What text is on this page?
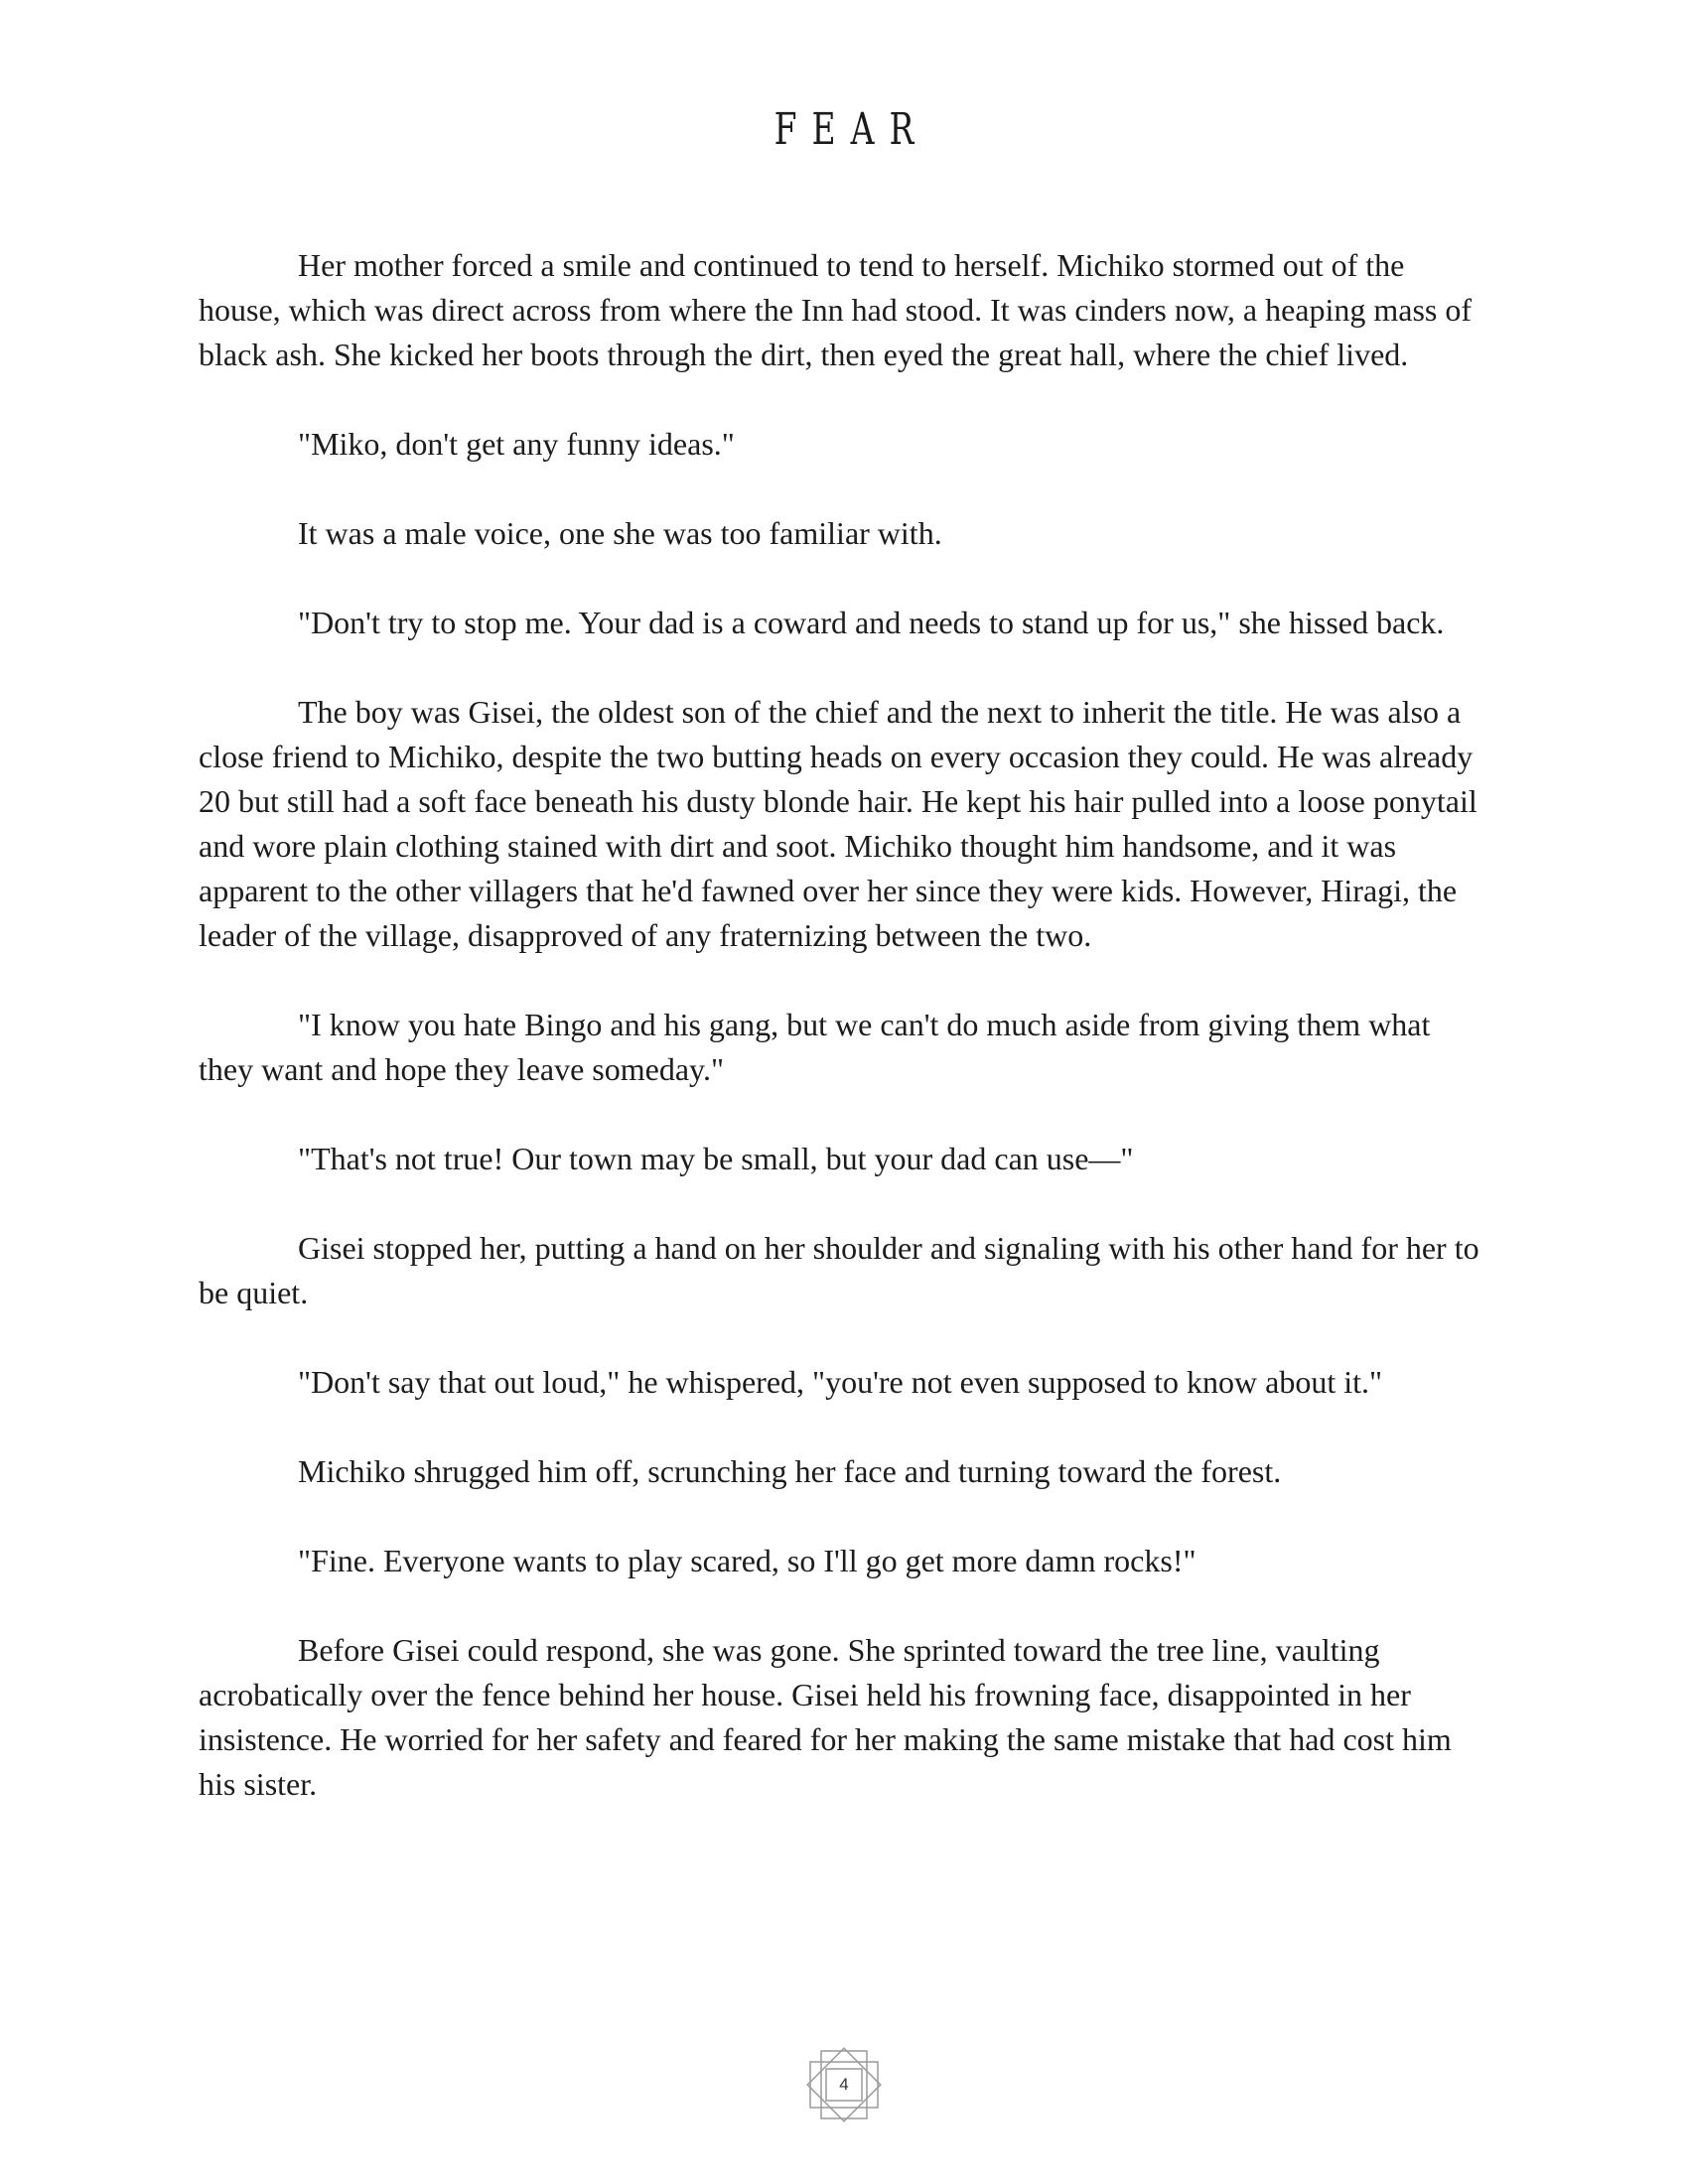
FEAR

Her mother forced a smile and continued to tend to herself. Michiko stormed out of the house, which was direct across from where the Inn had stood. It was cinders now, a heaping mass of black ash. She kicked her boots through the dirt, then eyed the great hall, where the chief lived.

"Miko, don't get any funny ideas."

It was a male voice, one she was too familiar with.

"Don't try to stop me. Your dad is a coward and needs to stand up for us," she hissed back.

The boy was Gisei, the oldest son of the chief and the next to inherit the title. He was also a close friend to Michiko, despite the two butting heads on every occasion they could. He was already 20 but still had a soft face beneath his dusty blonde hair. He kept his hair pulled into a loose ponytail and wore plain clothing stained with dirt and soot. Michiko thought him handsome, and it was apparent to the other villagers that he'd fawned over her since they were kids. However, Hiragi, the leader of the village, disapproved of any fraternizing between the two.

"I know you hate Bingo and his gang, but we can't do much aside from giving them what they want and hope they leave someday."

"That's not true! Our town may be small, but your dad can use—"

Gisei stopped her, putting a hand on her shoulder and signaling with his other hand for her to be quiet.

"Don't say that out loud," he whispered, "you're not even supposed to know about it."

Michiko shrugged him off, scrunching her face and turning toward the forest.

"Fine. Everyone wants to play scared, so I'll go get more damn rocks!"

Before Gisei could respond, she was gone. She sprinted toward the tree line, vaulting acrobatically over the fence behind her house. Gisei held his frowning face, disappointed in her insistence. He worried for her safety and feared for her making the same mistake that had cost him his sister.

4
